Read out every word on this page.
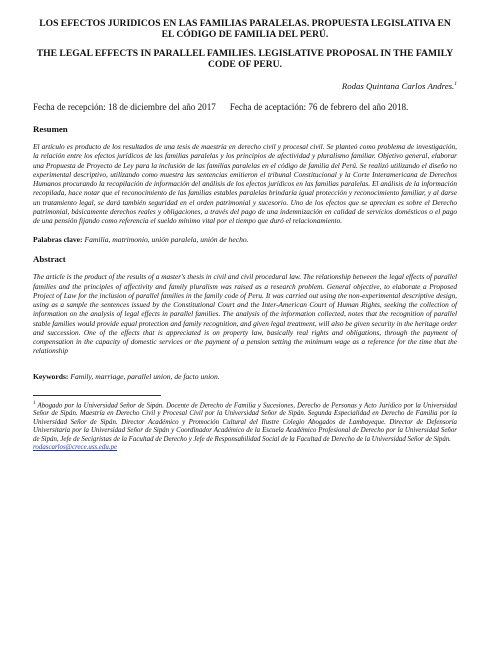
LOS EFECTOS JURIDICOS EN LAS FAMILIAS PARALELAS. PROPUESTA LEGISLATIVA EN EL CÓDIGO DE FAMILIA DEL PERÚ.

THE LEGAL EFFECTS IN PARALLEL FAMILIES. LEGISLATIVE PROPOSAL IN THE FAMILY CODE OF PERU.

Rodas Quintana Carlos Andres.$^1$

Fecha de recepción: 18 de diciembre del año 2017 Fecha de aceptación: 76 de febrero del año 2018.

Resumen

El artículo es producto de los resultados de una tesis de maestría en derecho civil y procesal civil. Se planteó como problema de investigación, la relación entre los efectos jurídicos de las familias paralelas y los principios de afectividad y pluralismo familiar. Objetivo general, elaborar una Propuesta de Proyecto de Ley para la inclusión de las familias paralelas en el código de familia del Perú. Se realizó utilizando el diseño no experimental descriptivo, utilizando como muestra las sentencias emitieron el tribunal Constitucional y la Corte Interamericana de Derechos Humanos procurando la recopilación de información del análisis de los efectos jurídicos en las familias paralelas. El análisis de la información recopilada, hace notar que el reconocimiento de las familias estables paralelas brindaría igual protección y reconocimiento familiar, y al darse un tratamiento legal, se dará también seguridad en el orden patrimonial y sucesorio. Uno de los efectos que se aprecian es sobre el Derecho patrimonial, básicamente derechos reales y obligaciones, a través del pago de una indemnización en calidad de servicios domésticos o el pago de una pensión fijando como referencia el sueldo mínimo vital por el tiempo que duró el relacionamiento.

Palabras clave: Familia, matrimonio, unión paralela, unión de hecho.

Abstract

The article is the product of the results of a master's thesis in civil and civil procedural law. The relationship between the legal effects of parallel families and the principles of affectivity and family pluralism was raised as a research problem. General objective, to elaborate a Proposed Project of Law for the inclusion of parallel families in the family code of Peru. It was carried out using the non-experimental descriptive design, using as a sample the sentences issued by the Constitutional Court and the Inter-American Court of Human Rights, seeking the collection of information on the analysis of legal effects in parallel families. The analysis of the information collected, notes that the recognition of parallel stable families would provide equal protection and family recognition, and given legal treatment, will also be given security in the heritage order and succession. One of the effects that is appreciated is on property law, basically real rights and obligations, through the payment of compensation in the capacity of domestic services or the payment of a pension setting the minimum wage as a reference for the time that the relationship

Keywords: Family, marriage, parallel union, de facto union.

$^1$ Abogado por la Universidad Señor de Sipán. Docente de Derecho de Familia y Sucesiones, Derecho de Personas y Acto Jurídico por la Universidad Señor de Sipán. Maestría en Derecho Civil y Procesal Civil por la Universidad Señor de Sipán. Segunda Especialidad en Derecho de Familia por la Universidad Señor de Sipán. Director Académico y Promoción Cultural del Ilustre Colegio Abogados de Lambayeque. Director de Defensoría Universitaria por la Universidad Señor de Sipán y Coordinador Académico de la Escuela Académico Profesional de Derecho por la Universidad Señor de Sipán, Jefe de Secigristas de la Facultad de Derecho y Jefe de Responsabilidad Social de la Facultad de Derecho de la Universidad Señor de Sipán.
rodascarlos@crece.uss.edu.pe
